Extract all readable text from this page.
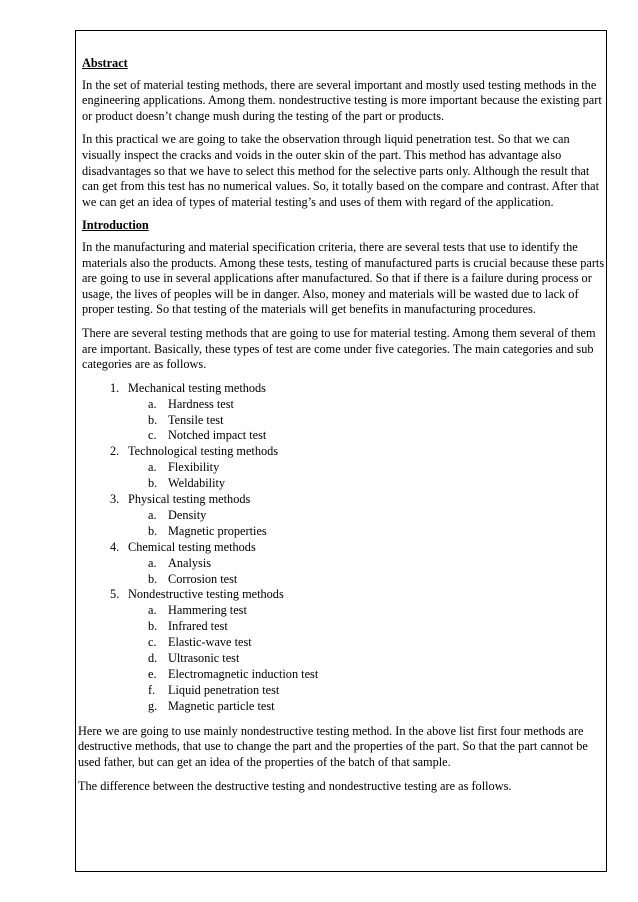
Abstract

In the set of material testing methods, there are several important and mostly used testing methods in the engineering applications. Among them. nondestructive testing is more important because the existing part or product doesn’t change mush during the testing of the part or products.

In this practical we are going to take the observation through liquid penetration test. So that we can visually inspect the cracks and voids in the outer skin of the part. This method has advantage also disadvantages so that we have to select this method for the selective parts only. Although the result that can get from this test has no numerical values. So, it totally based on the compare and contrast. After that we can get an idea of types of material testing’s and uses of them with regard of the application.

Introduction

In the manufacturing and material specification criteria, there are several tests that use to identify the materials also the products. Among these tests, testing of manufactured parts is crucial because these parts are going to use in several applications after manufactured. So that if there is a failure during process or usage, the lives of peoples will be in danger. Also, money and materials will be wasted due to lack of proper testing. So that testing of the materials will get benefits in manufacturing procedures.

There are several testing methods that are going to use for material testing. Among them several of them are important. Basically, these types of test are come under five categories. The main categories and sub categories are as follows.

1. Mechanical testing methods
a. Hardness test
b. Tensile test
c. Notched impact test
2. Technological testing methods
a. Flexibility
b. Weldability
3. Physical testing methods
a. Density
b. Magnetic properties
4. Chemical testing methods
a. Analysis
b. Corrosion test
5. Nondestructive testing methods
a. Hammering test
b. Infrared test
c. Elastic-wave test
d. Ultrasonic test
e. Electromagnetic induction test
f. Liquid penetration test
g. Magnetic particle test

Here we are going to use mainly nondestructive testing method. In the above list first four methods are destructive methods, that use to change the part and the properties of the part. So that the part cannot be used father, but can get an idea of the properties of the batch of that sample.

The difference between the destructive testing and nondestructive testing are as follows.
